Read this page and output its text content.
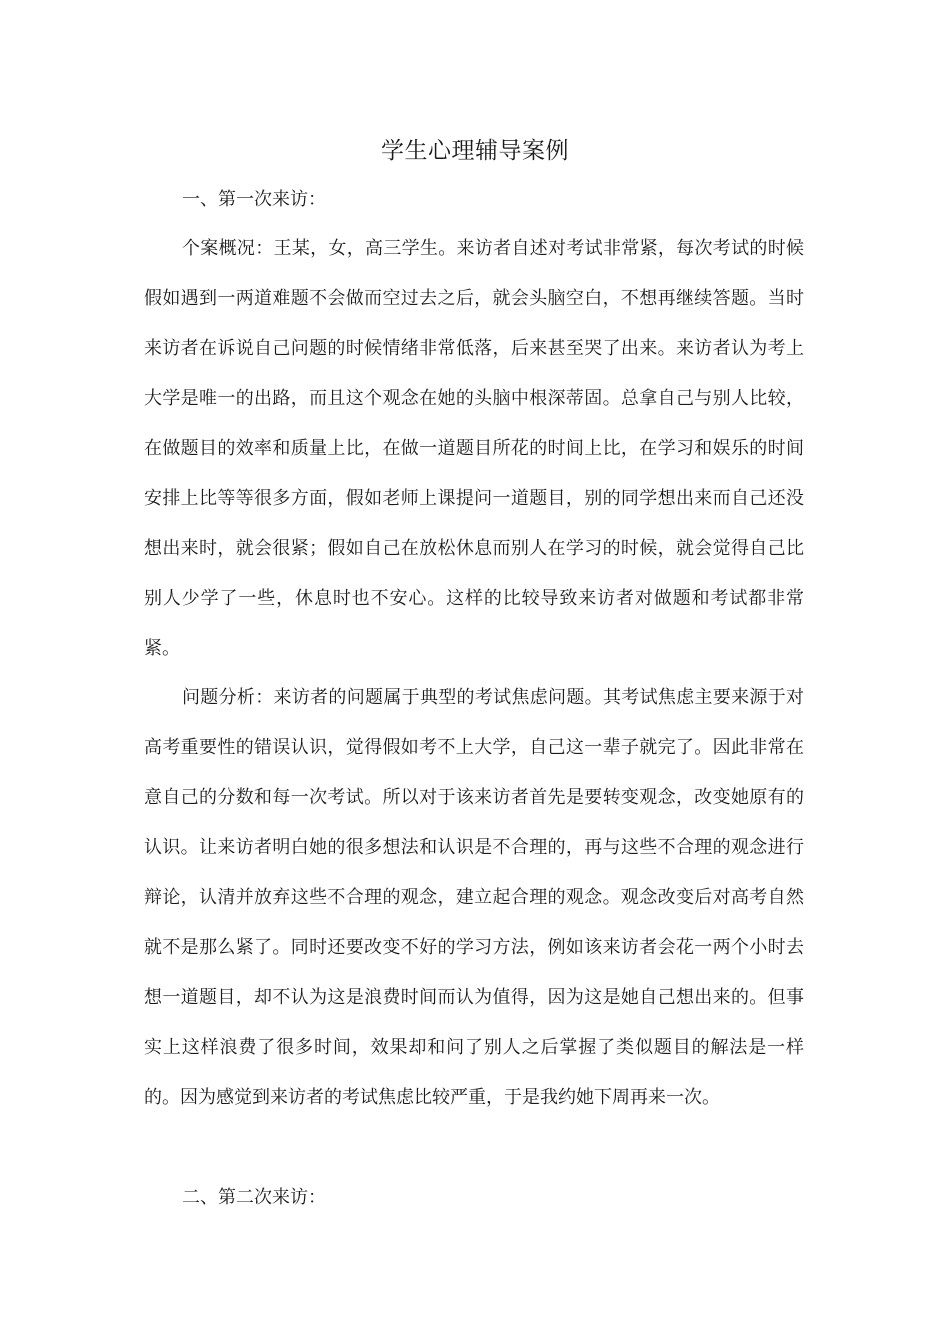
学生心理辅导案例
一、第一次来访：

个案概况：王某，女，高三学生。来访者自述对考试非常紧，每次考试的时候假如遇到一两道难题不会做而空过去之后，就会头脑空白，不想再继续答题。当时来访者在诉说自己问题的时候情绪非常低落，后来甚至哭了出来。来访者认为考上大学是唯一的出路，而且这个观念在她的头脑中根深蒂固。总拿自己与别人比较，在做题目的效率和质量上比，在做一道题目所花的时间上比，在学习和娱乐的时间安排上比等等很多方面，假如老师上课提问一道题目，别的同学想出来而自己还没想出来时，就会很紧；假如自己在放松休息而别人在学习的时候，就会觉得自己比别人少学了一些，休息时也不安心。这样的比较导致来访者对做题和考试都非常紧。

问题分析：来访者的问题属于典型的考试焦虑问题。其考试焦虑主要来源于对高考重要性的错误认识，觉得假如考不上大学，自己这一辈子就完了。因此非常在意自己的分数和每一次考试。所以对于该来访者首先是要转变观念，改变她原有的认识。让来访者明白她的很多想法和认识是不合理的，再与这些不合理的观念进行辩论，认清并放弃这些不合理的观念，建立起合理的观念。观念改变后对高考自然就不是那么紧了。同时还要改变不好的学习方法，例如该来访者会花一两个小时去想一道题目，却不认为这是浪费时间而认为值得，因为这是她自己想出来的。但事实上这样浪费了很多时间，效果却和问了别人之后掌握了类似题目的解法是一样的。因为感觉到来访者的考试焦虑比较严重，于是我约她下周再来一次。

二、第二次来访：
